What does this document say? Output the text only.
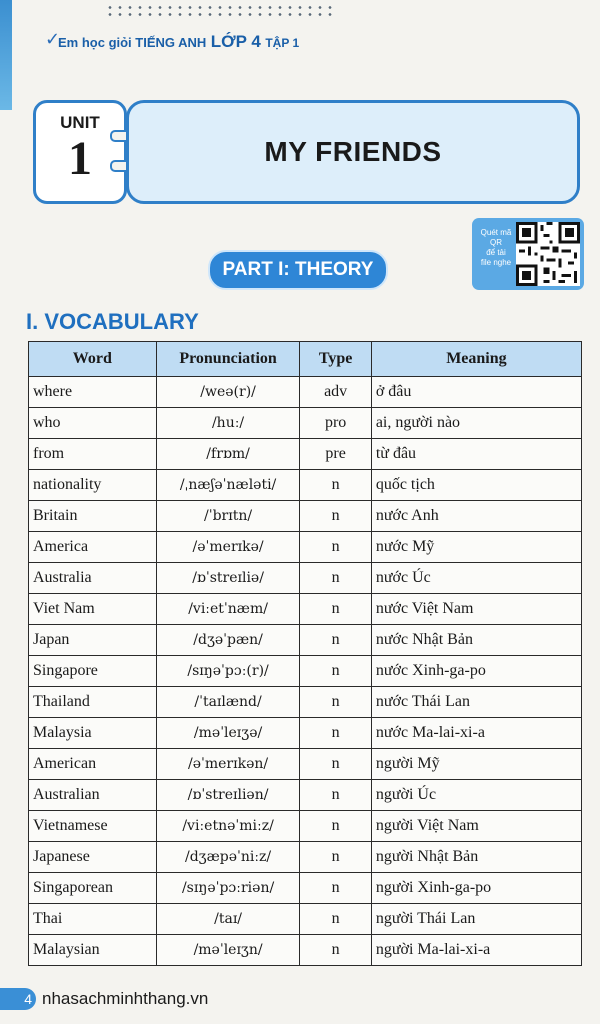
✓
Em học giỏi TIẾNG ANH LỚP 4 TẬP 1
UNIT
1	MY FRIENDS
PART I: THEORY
Quét mã
QR
để tải
file nghe
I. VOCABULARY
Word	Pronunciation	Type	Meaning
where	/weə(r)/	adv	ở đâu
who	/huː/	pro	ai, người nào
from	/frɒm/	pre	từ đâu
nationality	/ˌnæʃəˈnæləti/	n	quốc tịch
Britain	/ˈbrɪtn/	n	nước Anh
America	/əˈmerɪkə/	n	nước Mỹ
Australia	/ɒˈstreɪliə/	n	nước Úc
Viet Nam	/viːetˈnæm/	n	nước Việt Nam
Japan	/dʒəˈpæn/	n	nước Nhật Bản
Singapore	/sɪŋəˈpɔː(r)/	n	nước Xinh-ga-po
Thailand	/ˈtaɪlænd/	n	nước Thái Lan
Malaysia	/məˈleɪʒə/	n	nước Ma-lai-xi-a
American	/əˈmerɪkən/	n	người Mỹ
Australian	/ɒˈstreɪliən/	n	người Úc
Vietnamese	/viːetnəˈmiːz/	n	người Việt Nam
Japanese	/dʒæpəˈniːz/	n	người Nhật Bản
Singaporean	/sɪŋəˈpɔːriən/	n	người Xinh-ga-po
Thai	/taɪ/	n	người Thái Lan
Malaysian	/məˈleɪʒn/	n	người Ma-lai-xi-a
4 nhasachminhthang.vn
